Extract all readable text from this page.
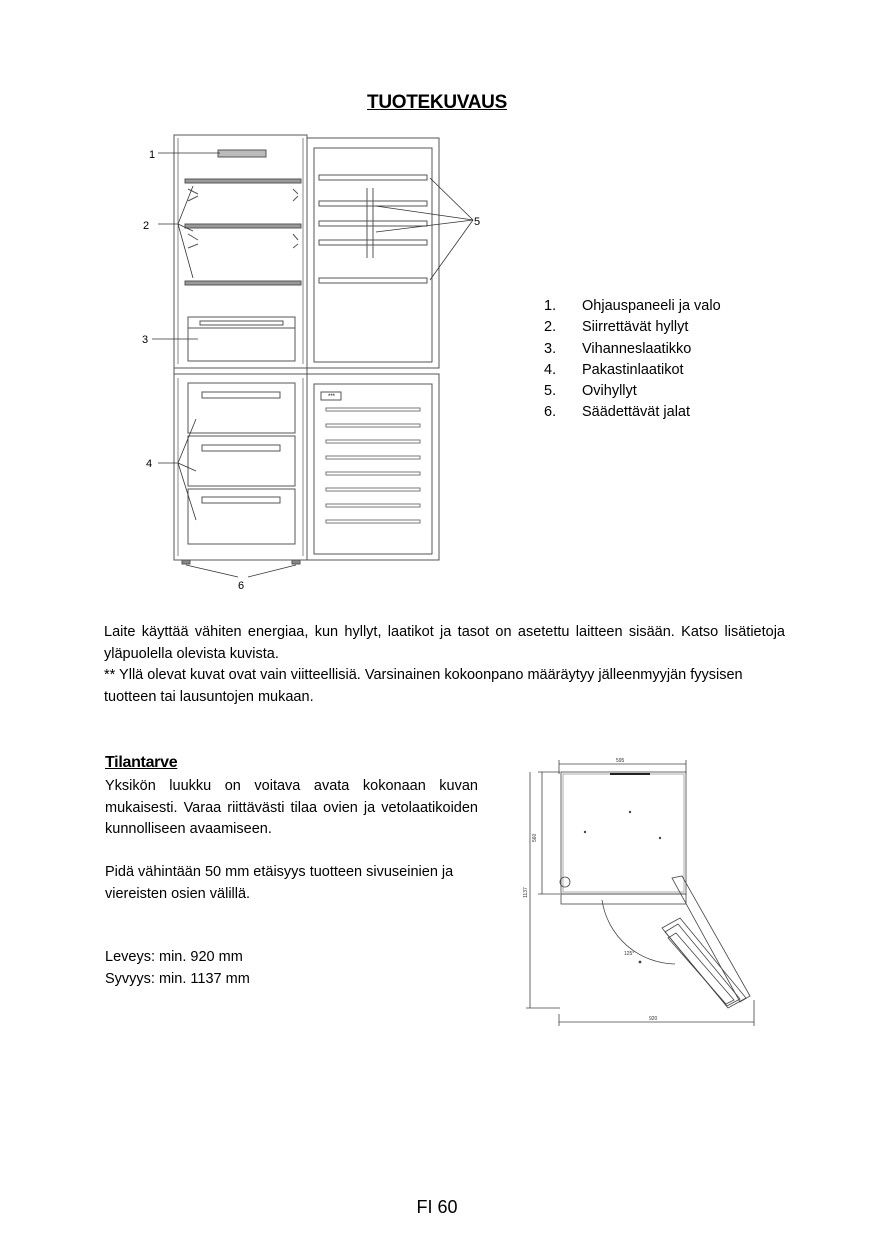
TUOTEKUVAUS
***
1
2
3
4
5
6
1.	Ohjauspaneeli ja valo
2.	Siirrettävät hyllyt
3.	Vihanneslaatikko
4.	Pakastinlaatikot
5.	Ovihyllyt
6.	Säädettävät jalat
Laite käyttää vähiten energiaa, kun hyllyt, laatikot ja tasot on asetettu laitteen sisään. Katso lisätietoja yläpuolella olevista kuvista.
** Yllä olevat kuvat ovat vain viitteellisiä. Varsinainen kokoonpano määräytyy jälleenmyyjän fyysisen tuotteen tai lausuntojen mukaan.
Tilantarve
Yksikön luukku on voitava avata kokonaan kuvan mukaisesti. Varaa riittävästi tilaa ovien ja vetolaatikoiden kunnolliseen avaamiseen.
Pidä vähintään 50 mm etäisyys tuotteen sivuseinien ja viereisten osien välillä.
Leveys: min. 920 mm
Syvyys: min. 1137 mm
595
560
1137
125°
920
FI 60
